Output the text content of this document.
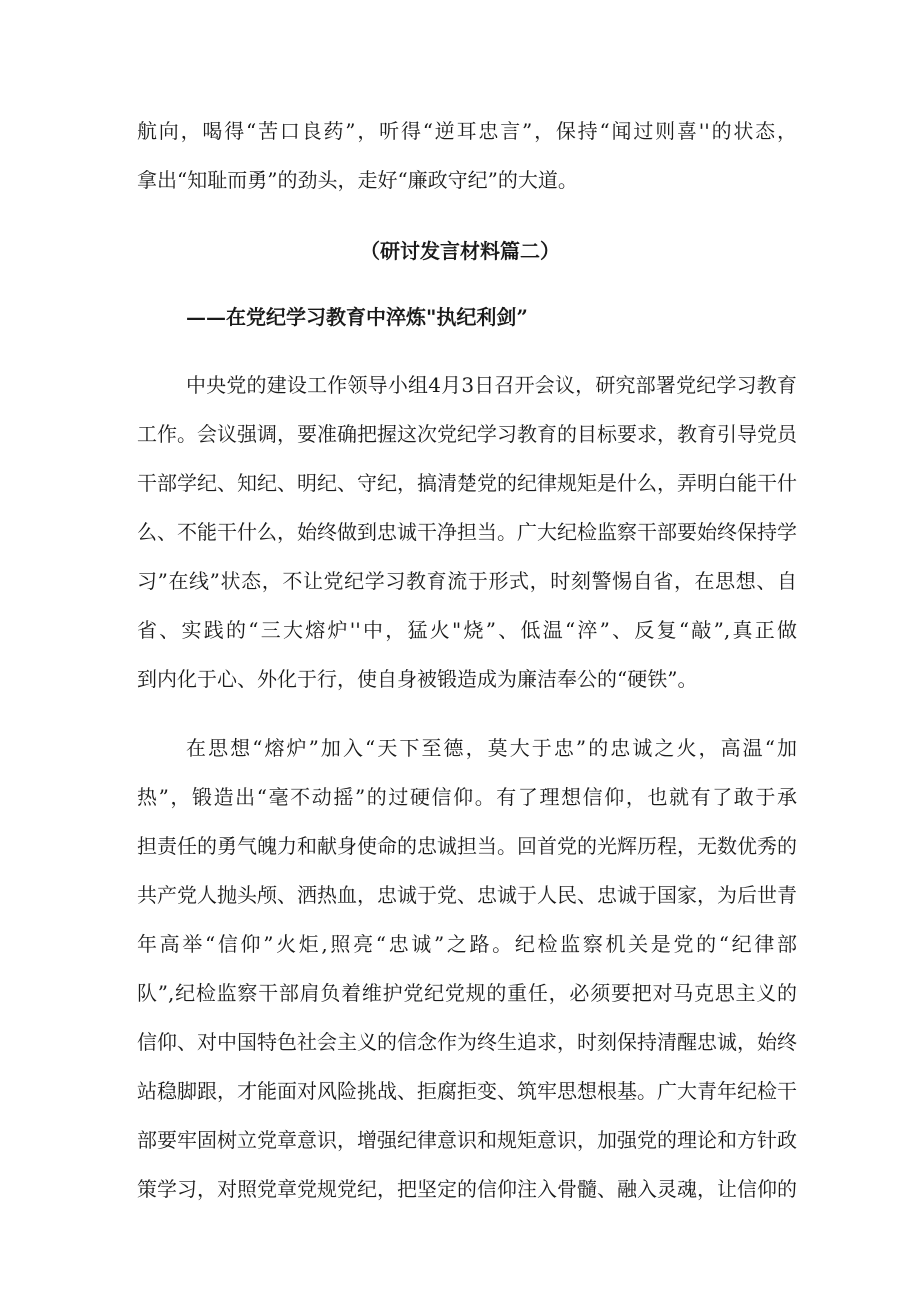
航向，喝得“苦口良药”，听得“逆耳忠言”，保持“闻过则喜''的状态，
拿出“知耻而勇”的劲头，走好“廉政守纪”的大道。
（研讨发言材料篇二）
——在党纪学习教育中淬炼"执纪利剑”
中央党的建设工作领导小组4月3日召开会议，研究部署党纪学习教育
工作。会议强调，要准确把握这次党纪学习教育的目标要求，教育引导党员
干部学纪、知纪、明纪、守纪，搞清楚党的纪律规矩是什么，弄明白能干什
么、不能干什么，始终做到忠诚干净担当。广大纪检监察干部要始终保持学
习”在线”状态，不让党纪学习教育流于形式，时刻警惕自省，在思想、自
省、实践的“三大熔炉''中，猛火"烧”、低温“淬”、反复“敲”,真正做
到内化于心、外化于行，使自身被锻造成为廉洁奉公的“硬铁”。
在思想“熔炉”加入“天下至德，莫大于忠”的忠诚之火，高温“加
热”，锻造出“毫不动摇”的过硬信仰。有了理想信仰，也就有了敢于承
担责任的勇气魄力和献身使命的忠诚担当。回首党的光辉历程，无数优秀的
共产党人抛头颅、洒热血，忠诚于党、忠诚于人民、忠诚于国家，为后世青
年高举“信仰”火炬,照亮“忠诚”之路。纪检监察机关是党的“纪律部
队”,纪检监察干部肩负着维护党纪党规的重任，必须要把对马克思主义的
信仰、对中国特色社会主义的信念作为终生追求，时刻保持清醒忠诚，始终
站稳脚跟，才能面对风险挑战、拒腐拒变、筑牢思想根基。广大青年纪检干
部要牢固树立党章意识，增强纪律意识和规矩意识，加强党的理论和方针政
策学习，对照党章党规党纪，把坚定的信仰注入骨髓、融入灵魂，让信仰的
